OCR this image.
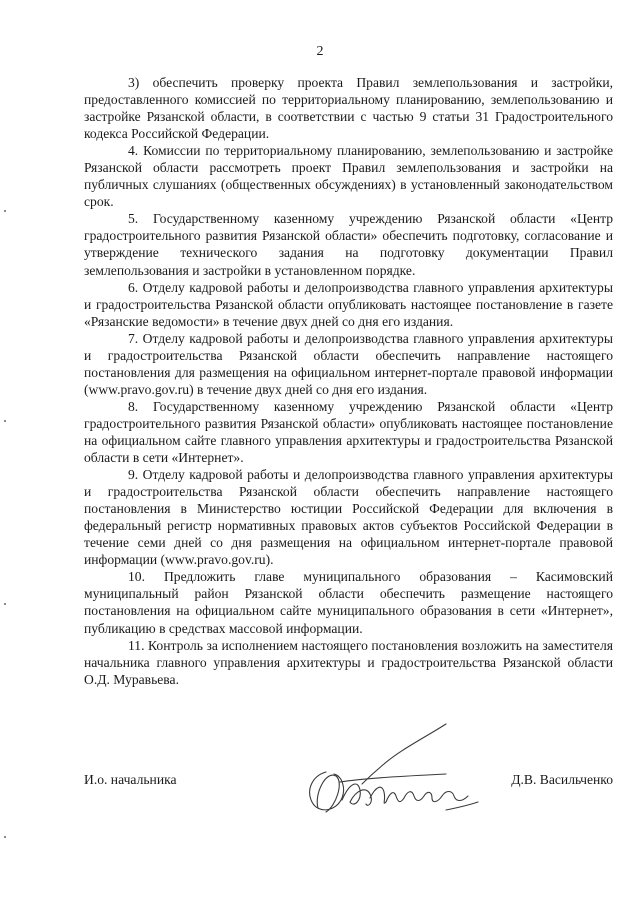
2

3) обеспечить проверку проекта Правил землепользования и застройки, предоставленного комиссией по территориальному планированию, землепользованию и застройке Рязанской области, в соответствии с частью 9 статьи 31 Градостроительного кодекса Российской Федерации.

4. Комиссии по территориальному планированию, землепользованию и застройке Рязанской области рассмотреть проект Правил землепользования и застройки на публичных слушаниях (общественных обсуждениях) в установленный законодательством срок.

5. Государственному казенному учреждению Рязанской области «Центр градостроительного развития Рязанской области» обеспечить подготовку, согласование и утверждение технического задания на подготовку документации Правил землепользования и застройки в установленном порядке.

6. Отделу кадровой работы и делопроизводства главного управления архитектуры и градостроительства Рязанской области опубликовать настоящее постановление в газете «Рязанские ведомости» в течение двух дней со дня его издания.

7. Отделу кадровой работы и делопроизводства главного управления архитектуры и градостроительства Рязанской области обеспечить направление настоящего постановления для размещения на официальном интернет-портале правовой информации (www.pravo.gov.ru) в течение двух дней со дня его издания.

8. Государственному казенному учреждению Рязанской области «Центр градостроительного развития Рязанской области» опубликовать настоящее постановление на официальном сайте главного управления архитектуры и градостроительства Рязанской области в сети «Интернет».

9. Отделу кадровой работы и делопроизводства главного управления архитектуры и градостроительства Рязанской области обеспечить направление настоящего постановления в Министерство юстиции Российской Федерации для включения в федеральный регистр нормативных правовых актов субъектов Российской Федерации в течение семи дней со дня размещения на официальном интернет-портале правовой информации (www.pravo.gov.ru).

10. Предложить главе муниципального образования – Касимовский муниципальный район Рязанской области обеспечить размещение настоящего постановления на официальном сайте муниципального образования в сети «Интернет», публикацию в средствах массовой информации.

11. Контроль за исполнением настоящего постановления возложить на заместителя начальника главного управления архитектуры и градостроительства Рязанской области О.Д. Муравьева.

И.о. начальника	Д.В. Васильченко
